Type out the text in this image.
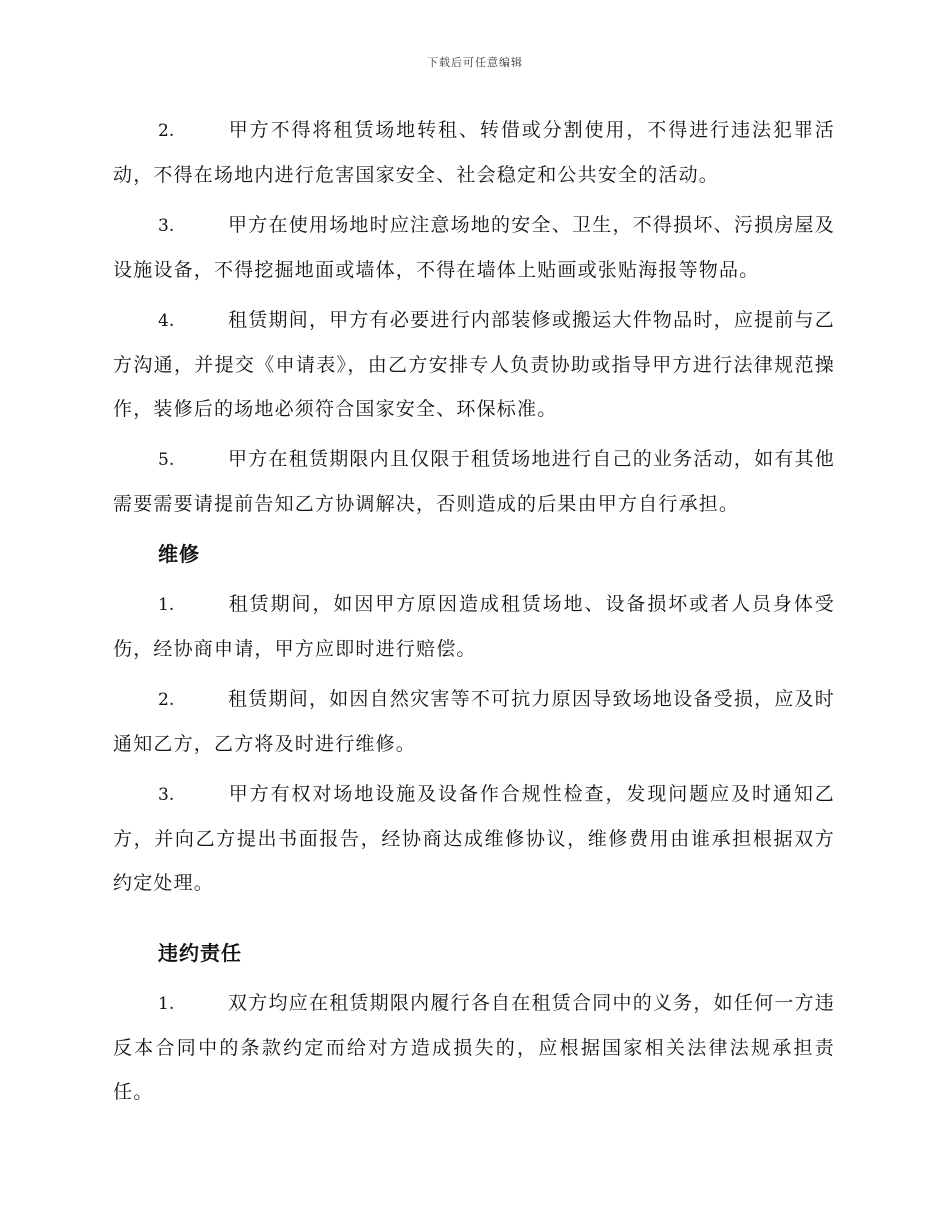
下载后可任意编辑
2.	甲方不得将租赁场地转租、转借或分割使用，不得进行违法犯罪活动，不得在场地内进行危害国家安全、社会稳定和公共安全的活动。
3.	甲方在使用场地时应注意场地的安全、卫生，不得损坏、污损房屋及设施设备，不得挖掘地面或墙体，不得在墙体上贴画或张贴海报等物品。
4.	租赁期间，甲方有必要进行内部装修或搬运大件物品时，应提前与乙方沟通，并提交《申请表》，由乙方安排专人负责协助或指导甲方进行法律规范操作，装修后的场地必须符合国家安全、环保标准。
5.	甲方在租赁期限内且仅限于租赁场地进行自己的业务活动，如有其他需要需要请提前告知乙方协调解决，否则造成的后果由甲方自行承担。
维修
1.	租赁期间，如因甲方原因造成租赁场地、设备损坏或者人员身体受伤，经协商申请，甲方应即时进行赔偿。
2.	租赁期间，如因自然灾害等不可抗力原因导致场地设备受损，应及时通知乙方，乙方将及时进行维修。
3.	甲方有权对场地设施及设备作合规性检查，发现问题应及时通知乙方，并向乙方提出书面报告，经协商达成维修协议，维修费用由谁承担根据双方约定处理。
违约责任
1.	双方均应在租赁期限内履行各自在租赁合同中的义务，如任何一方违反本合同中的条款约定而给对方造成损失的，应根据国家相关法律法规承担责任。
